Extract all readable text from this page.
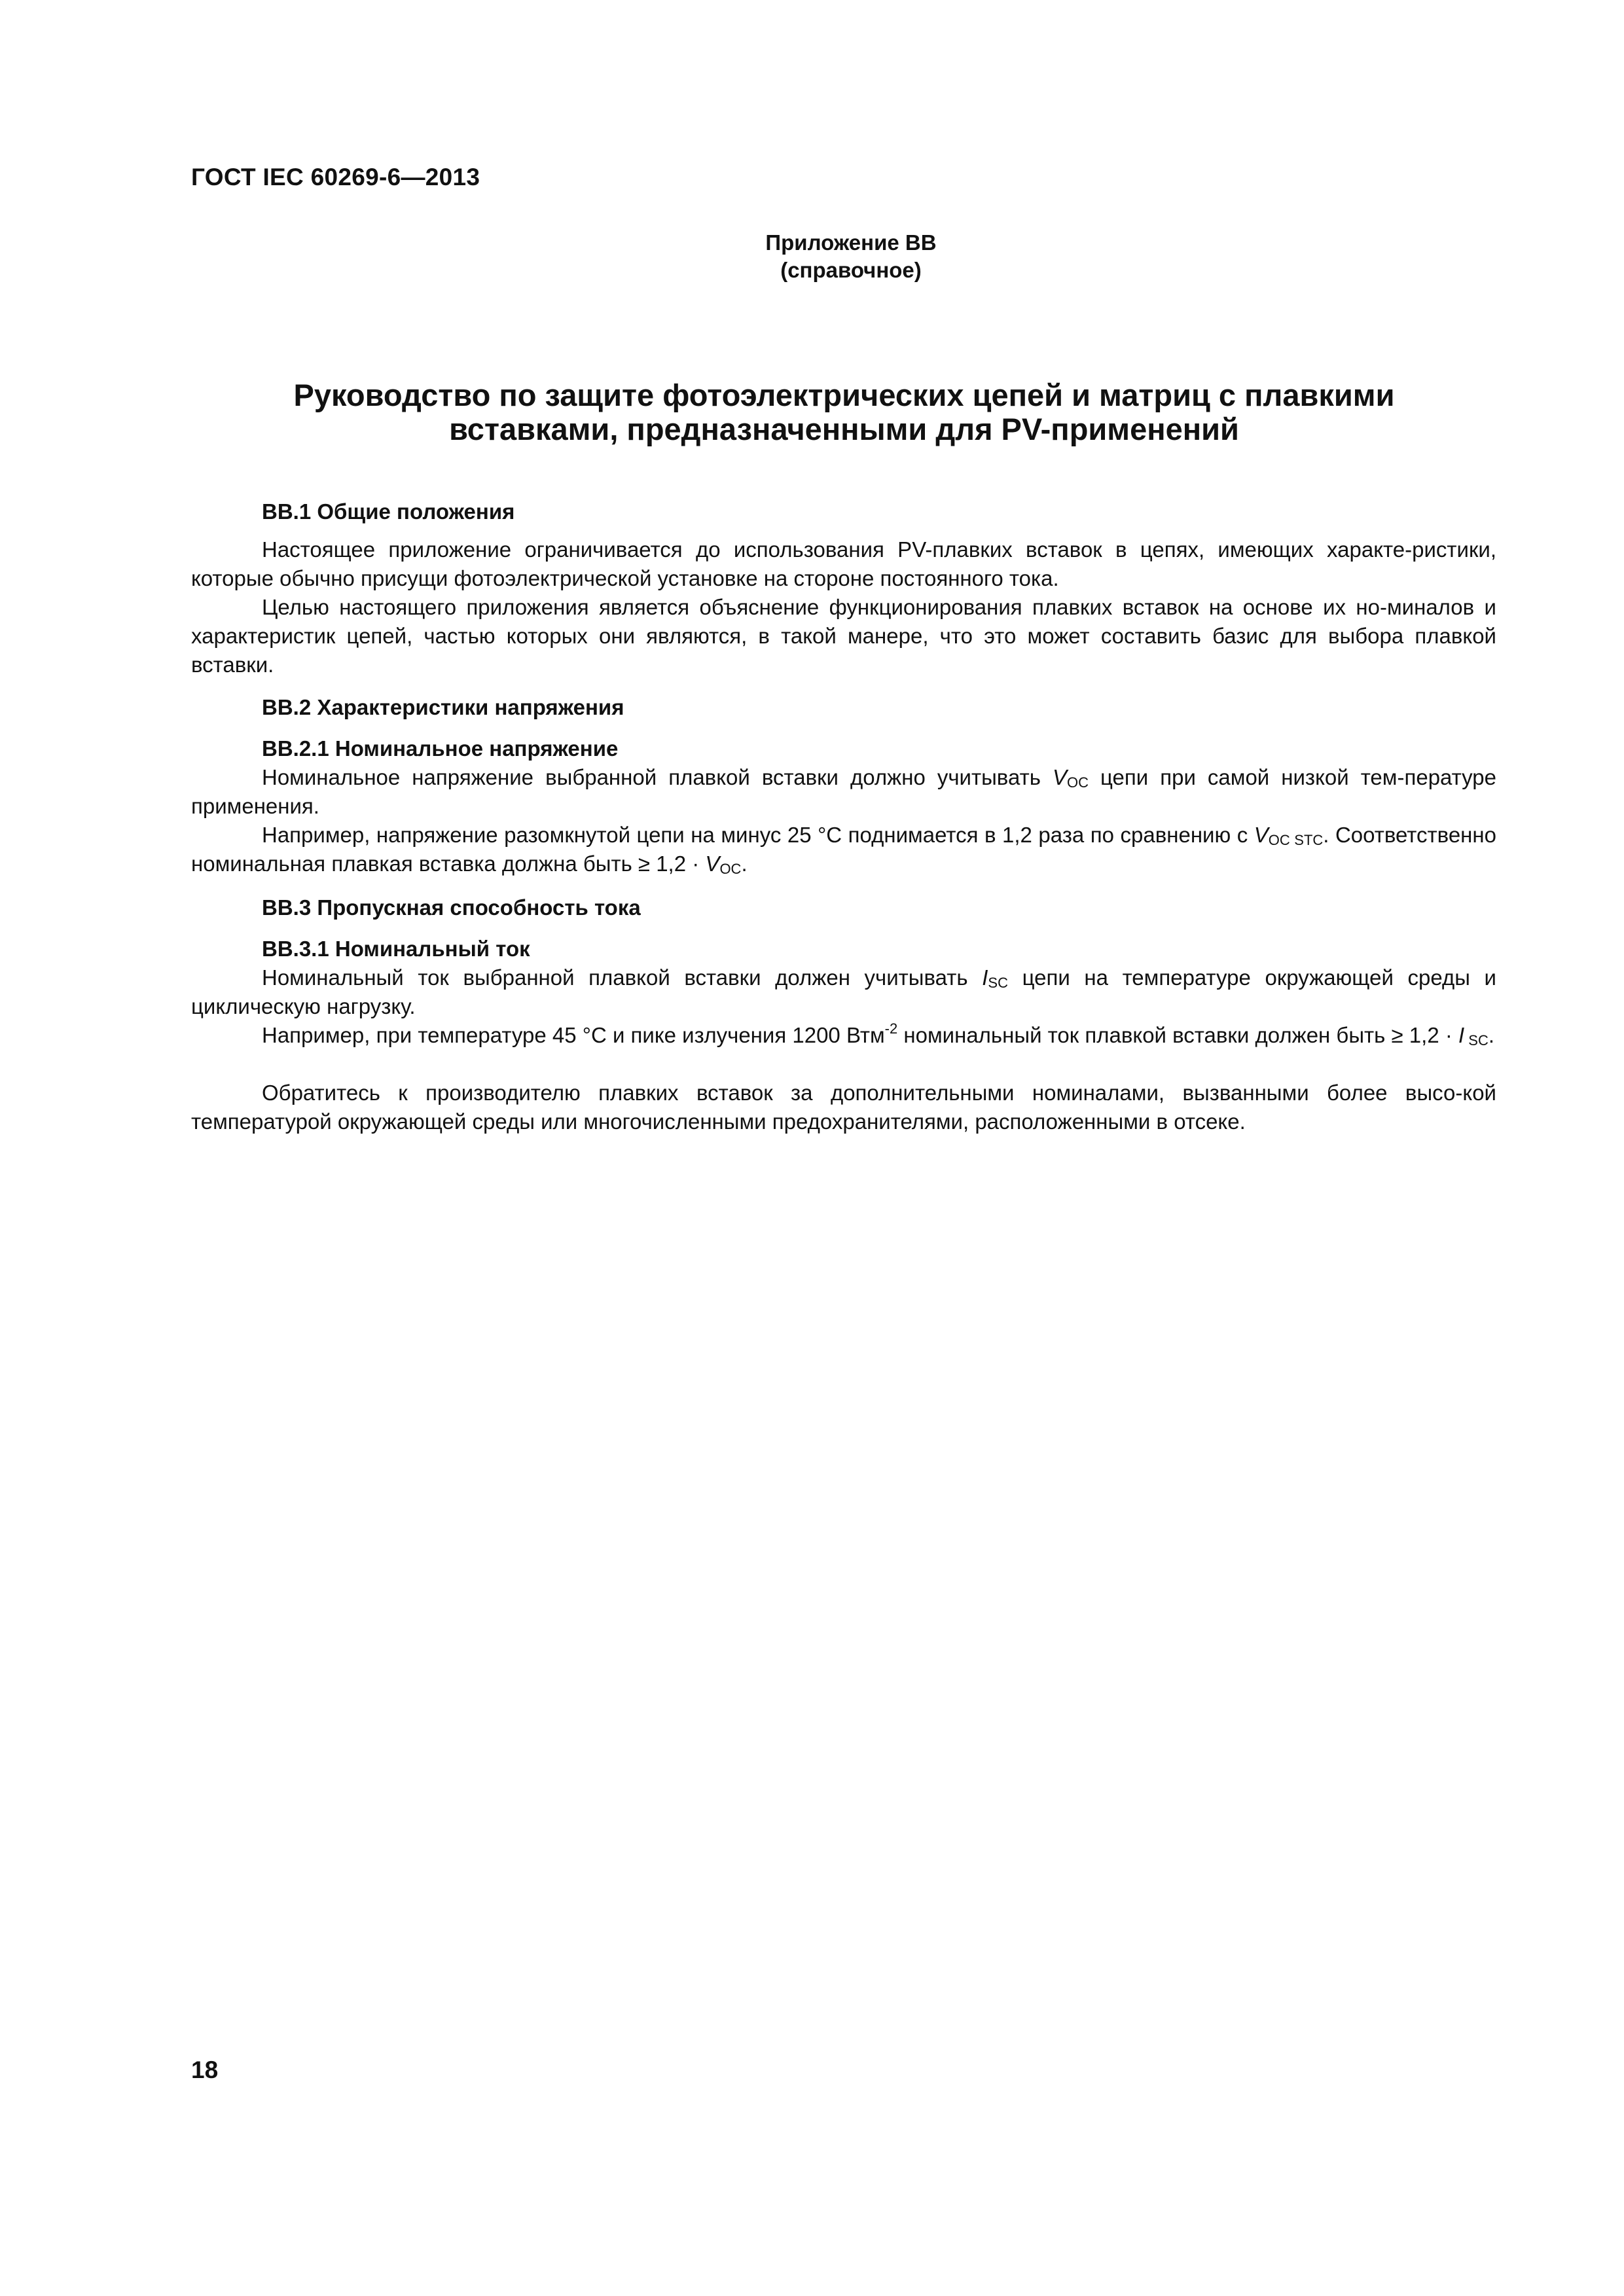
ГОСТ IEC 60269-6—2013
Приложение ВВ
(справочное)
Руководство по защите фотоэлектрических цепей и матриц с плавкими
вставками, предназначенными для PV-применений
ВВ.1 Общие положения

Настоящее приложение ограничивается до использования PV-плавких вставок в цепях, имеющих характе-ристики, которые обычно присущи фотоэлектрической установке на стороне постоянного тока.

Целью настоящего приложения является объяснение функционирования плавких вставок на основе их но-миналов и характеристик цепей, частью которых они являются, в такой манере, что это может составить базис для выбора плавкой вставки.

ВВ.2 Характеристики напряжения
ВВ.2.1 Номинальное напряжение

Номинальное напряжение выбранной плавкой вставки должно учитывать $V_{OC}$ цепи при самой низкой тем-пературе применения.

Например, напряжение разомкнутой цепи на минус 25 °С поднимается в 1,2 раза по сравнению с $V_{OC STC}$. Соответственно номинальная плавкая вставка должна быть ≥ $1,2 \cdot V_{OC}$.

ВВ.3 Пропускная способность тока
ВВ.3.1 Номинальный ток

Номинальный ток выбранной плавкой вставки должен учитывать $I_{SC}$ цепи на температуре окружающей среды и циклическую нагрузку.

Например, при температуре 45 °С и пике излучения 1200 Втм$^{-2}$ номинальный ток плавкой вставки должен быть ≥ 1,2 · I $_{SC}$.

Обратитесь к производителю плавких вставок за дополнительными номиналами, вызванными более высо-кой температурой окружающей среды или многочисленными предохранителями, расположенными в отсеке.

18
